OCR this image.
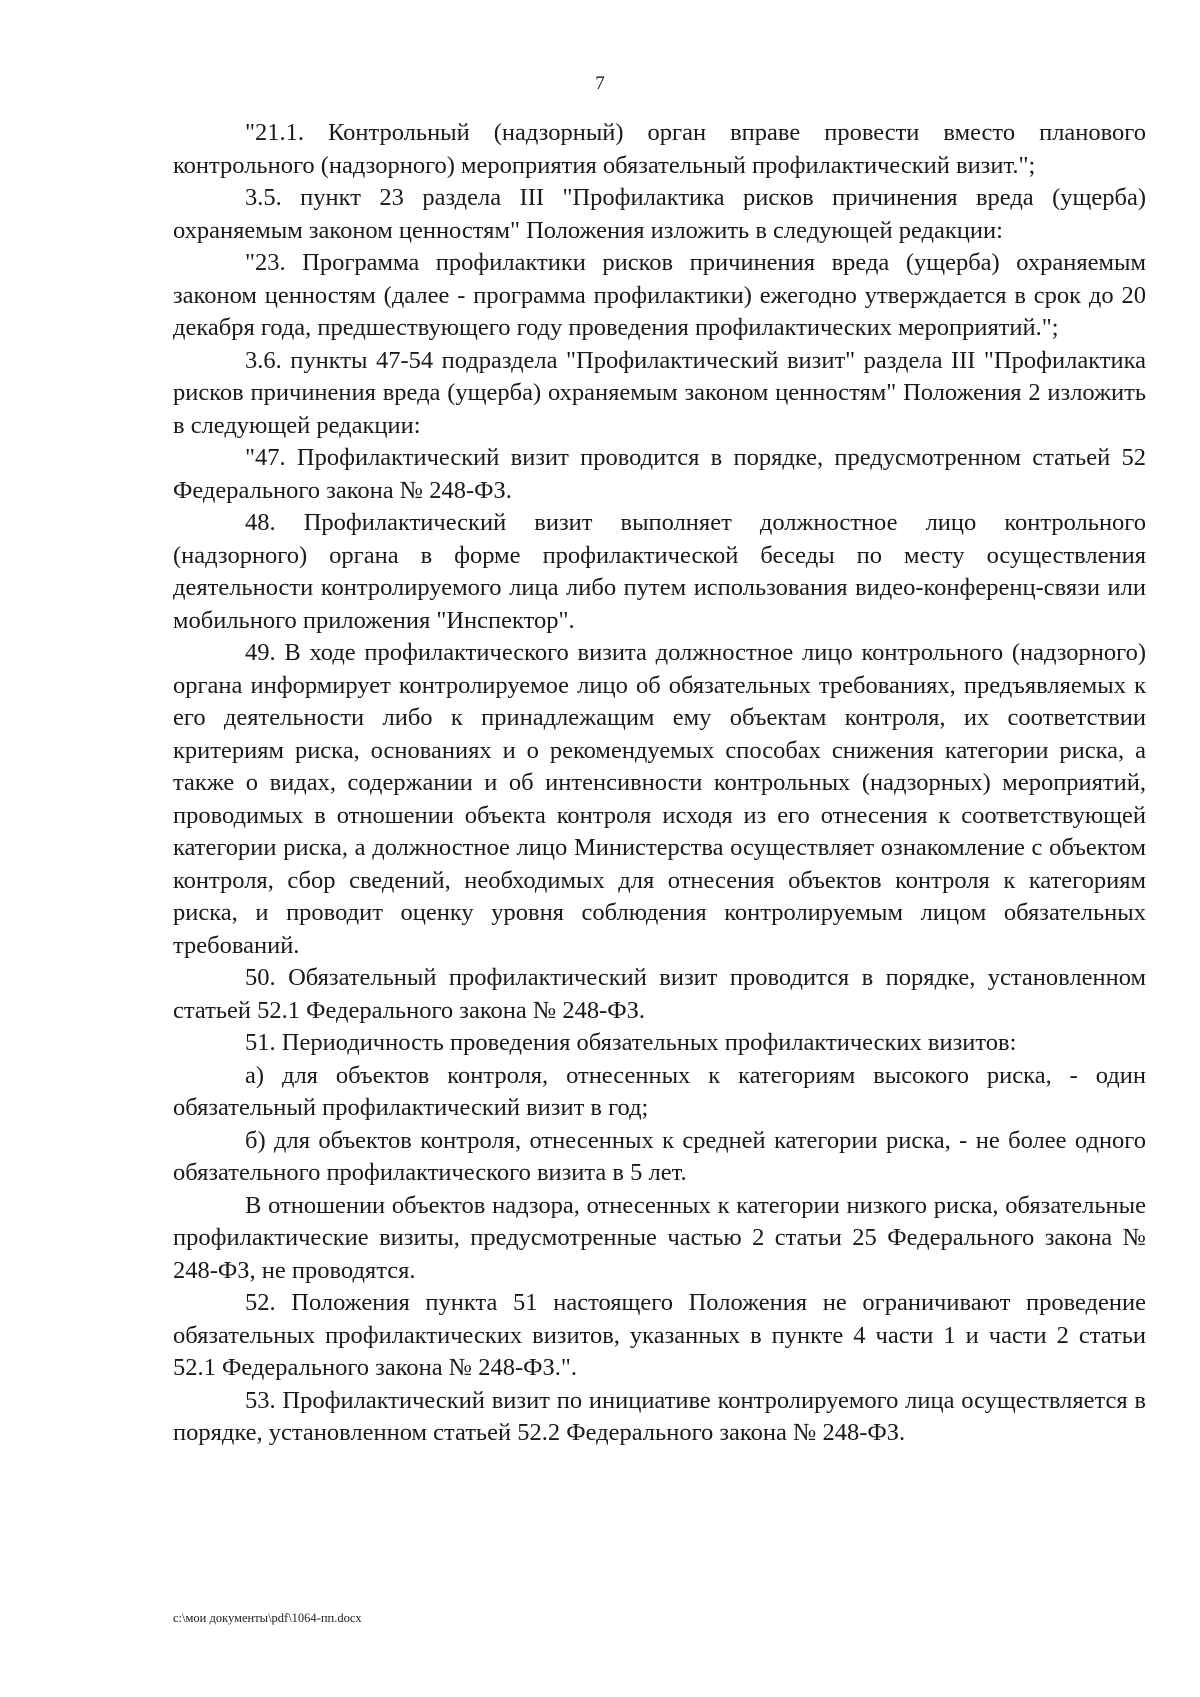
7

"21.1. Контрольный (надзорный) орган вправе провести вместо планового контрольного (надзорного) мероприятия обязательный профилактический визит.";

3.5. пункт 23 раздела III "Профилактика рисков причинения вреда (ущерба) охраняемым законом ценностям" Положения изложить в следующей редакции:

"23. Программа профилактики рисков причинения вреда (ущерба) охраняемым законом ценностям (далее - программа профилактики) ежегодно утверждается в срок до 20 декабря года, предшествующего году проведения профилактических мероприятий.";

3.6. пункты 47-54 подраздела "Профилактический визит" раздела III "Профилактика рисков причинения вреда (ущерба) охраняемым законом ценностям" Положения 2 изложить в следующей редакции:

"47. Профилактический визит проводится в порядке, предусмотренном статьей 52 Федерального закона № 248-ФЗ.

48. Профилактический визит выполняет должностное лицо контрольного (надзорного) органа в форме профилактической беседы по месту осуществления деятельности контролируемого лица либо путем использования видео-конференц-связи или мобильного приложения "Инспектор".

49. В ходе профилактического визита должностное лицо контрольного (надзорного) органа информирует контролируемое лицо об обязательных требованиях, предъявляемых к его деятельности либо к принадлежащим ему объектам контроля, их соответствии критериям риска, основаниях и о рекомендуемых способах снижения категории риска, а также о видах, содержании и об интенсивности контрольных (надзорных) мероприятий, проводимых в отношении объекта контроля исходя из его отнесения к соответствующей категории риска, а должностное лицо Министерства осуществляет ознакомление с объектом контроля, сбор сведений, необходимых для отнесения объектов контроля к категориям риска, и проводит оценку уровня соблюдения контролируемым лицом обязательных требований.

50. Обязательный профилактический визит проводится в порядке, установленном статьей 52.1 Федерального закона № 248-ФЗ.

51. Периодичность проведения обязательных профилактических визитов:

а) для объектов контроля, отнесенных к категориям высокого риска, - один обязательный профилактический визит в год;

б) для объектов контроля, отнесенных к средней категории риска, - не более одного обязательного профилактического визита в 5 лет.

В отношении объектов надзора, отнесенных к категории низкого риска, обязательные профилактические визиты, предусмотренные частью 2 статьи 25 Федерального закона № 248-ФЗ, не проводятся.

52. Положения пункта 51 настоящего Положения не ограничивают проведение обязательных профилактических визитов, указанных в пункте 4 части 1 и части 2 статьи 52.1 Федерального закона № 248-ФЗ.".

53. Профилактический визит по инициативе контролируемого лица осуществляется в порядке, установленном статьей 52.2 Федерального закона № 248-ФЗ.

c:\мои документы\pdf\1064-пп.docx
